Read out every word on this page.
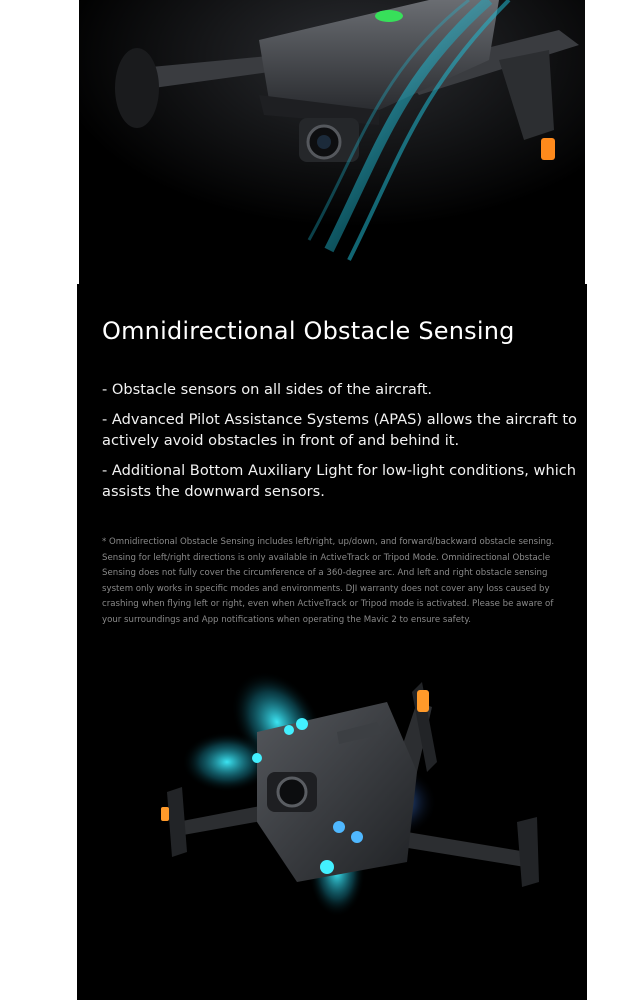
Omnidirectional Obstacle Sensing
- Obstacle sensors on all sides of the aircraft.
- Advanced Pilot Assistance Systems (APAS) allows the aircraft to actively avoid obstacles in front of and behind it.
- Additional Bottom Auxiliary Light for low-light conditions, which assists the downward sensors.

* Omnidirectional Obstacle Sensing includes left/right, up/down, and forward/backward obstacle sensing. Sensing for left/right directions is only available in ActiveTrack or Tripod Mode. Omnidirectional Obstacle Sensing does not fully cover the circumference of a 360-degree arc. And left and right obstacle sensing system only works in specific modes and environments. DJI warranty does not cover any loss caused by crashing when flying left or right, even when ActiveTrack or Tripod mode is activated. Please be aware of your surroundings and App notifications when operating the Mavic 2 to ensure safety.
